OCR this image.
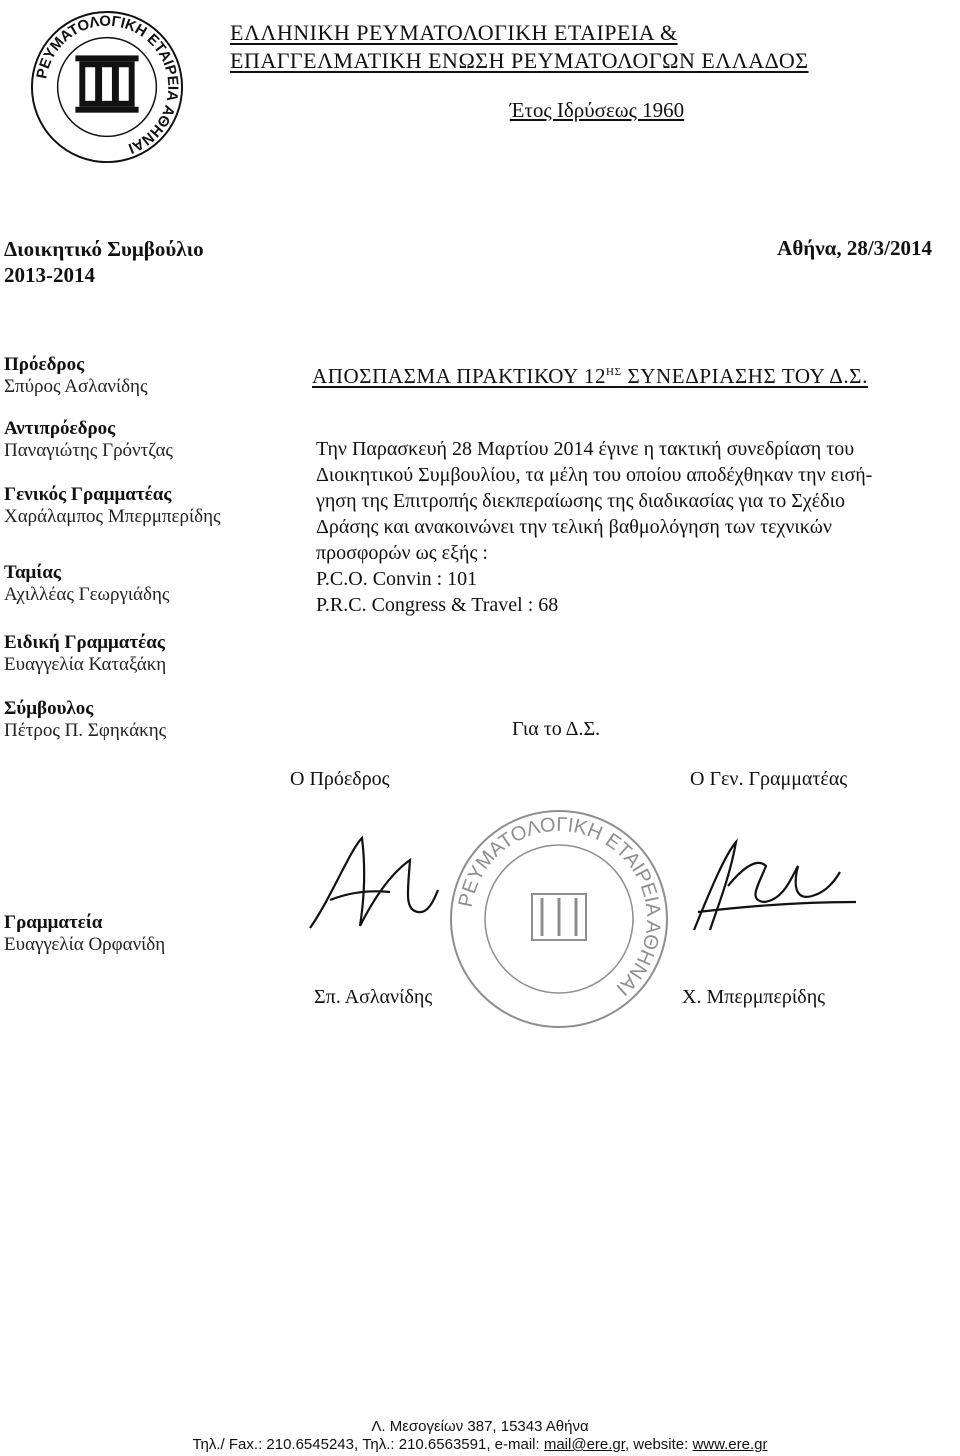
ΡΕΥΜΑΤΟΛΟΓΙΚΗ ΕΤΑΙΡΕΙΑ ΑΘΗΝΑΙ
ΕΛΛΗΝΙΚΗ ΡΕΥΜΑΤΟΛΟΓΙΚΗ ΕΤΑΙΡΕΙΑ &
ΕΠΑΓΓΕΛΜΑΤΙΚΗ ΕΝΩΣΗ ΡΕΥΜΑΤΟΛΟΓΩΝ ΕΛΛΑΔΟΣ
Έτος Ιδρύσεως 1960
Αθήνα, 28/3/2014
Διοικητικό Συμβούλιο
2013-2014
Πρόεδρος
Σπύρος Ασλανίδης
Αντιπρόεδρος
Παναγιώτης Γρόντζας
Γενικός Γραμματέας
Χαράλαμπος Μπερμπερίδης
Ταμίας
Αχιλλέας Γεωργιάδης
Ειδική Γραμματέας
Ευαγγελία Καταξάκη
Σύμβουλος
Πέτρος Π. Σφηκάκης
Γραμματεία
Ευαγγελία Ορφανίδη
ΑΠΟΣΠΑΣΜΑ ΠΡΑΚΤΙΚΟΥ $12^{H\Sigma}$ ΣΥΝΕΔΡΙΑΣΗΣ ΤΟΥ Δ.Σ.
Την Παρασκευή 28 Μαρτίου 2014 έγινε η τακτική συνεδρίαση του
Διοικητικού Συμβουλίου, τα μέλη του οποίου αποδέχθηκαν την εισή-
γηση της Επιτροπής διεκπεραίωσης της διαδικασίας για το Σχέδιο
Δράσης και ανακοινώνει την τελική βαθμολόγηση των τεχνικών
προσφορών ως εξής :
P.C.O. Convin : 101
P.R.C. Congress & Travel : 68
Για το Δ.Σ.
Ο Πρόεδρος	Ο Γεν. Γραμματέας
ΡΕΥΜΑΤΟΛΟΓΙΚΗ ΕΤΑΙΡΕΙΑ ΑΘΗΝΑΙ
Σπ. Ασλανίδης	Χ. Μπερμπερίδης
Λ. Μεσογείων 387, 15343 Αθήνα
Τηλ./ Fax.: 210.6545243, Τηλ.: 210.6563591, e-mail: mail@ere.gr, website: www.ere.gr
